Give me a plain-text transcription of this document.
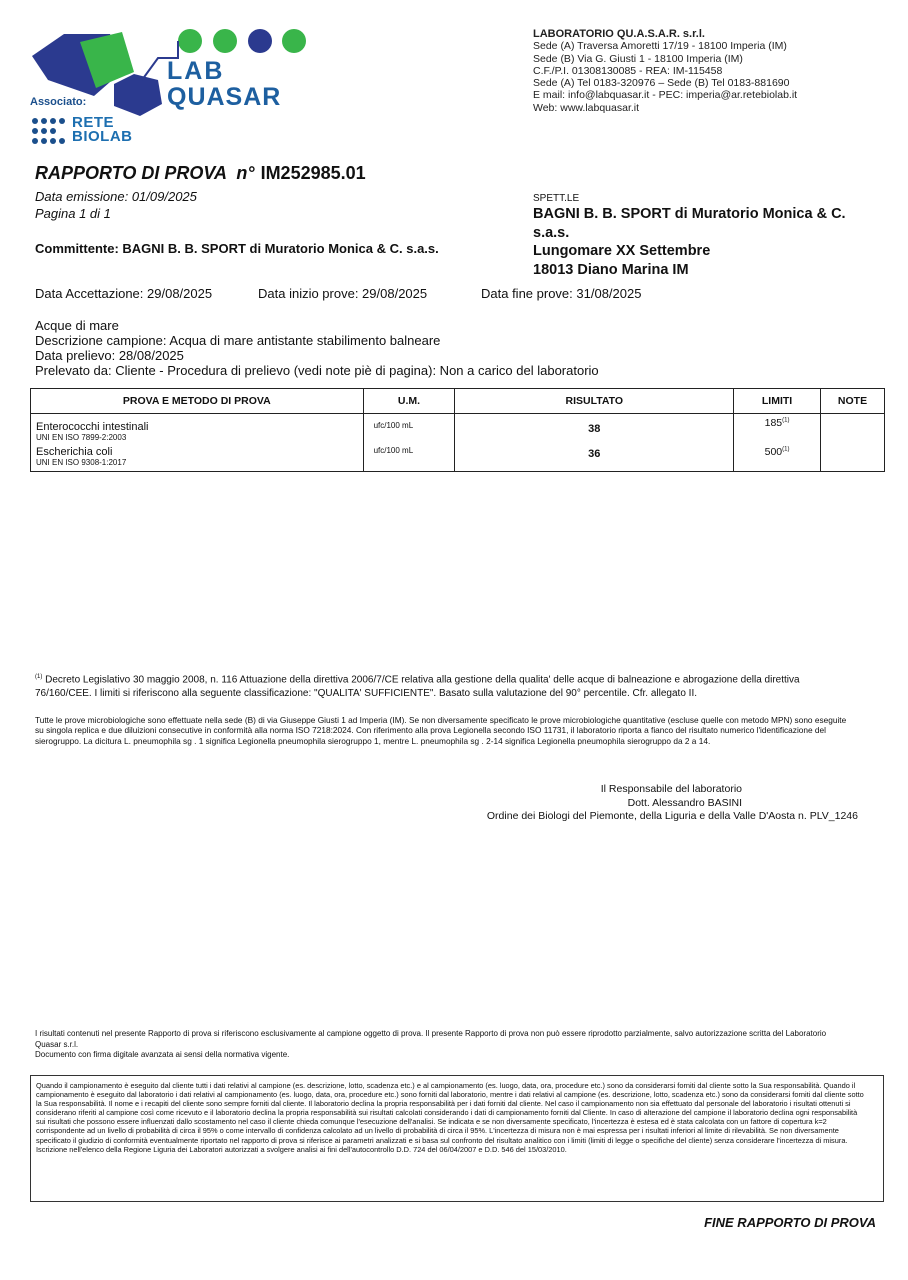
LAB
QUASAR
Associato:
RETE
BIOLAB
LABORATORIO QU.A.S.A.R. s.r.l.
Sede (A) Traversa Amoretti 17/19 - 18100 Imperia (IM)
Sede (B) Via G. Giusti 1 - 18100 Imperia (IM)
C.F./P.I. 01308130085 - REA: IM-115458
Sede (A) Tel 0183-320976 – Sede (B) Tel 0183-881690
E mail: info@labquasar.it - PEC: imperia@ar.retebiolab.it
Web: www.labquasar.it
RAPPORTO DI PROVA  n° IM252985.01
Data emissione: 01/09/2025
Pagina 1 di 1
Committente: BAGNI B. B. SPORT di Muratorio Monica & C. s.a.s.
SPETT.LE
BAGNI B. B. SPORT di Muratorio Monica & C.
s.a.s.
Lungomare XX Settembre
18013 Diano Marina IM
Data Accettazione: 29/08/2025	Data inizio prove: 29/08/2025	Data fine prove: 31/08/2025
Acque di mare
Descrizione campione: Acqua di mare antistante stabilimento balneare
Data prelievo: 28/08/2025
Prelevato da: Cliente - Procedura di prelievo (vedi note piè di pagina): Non a carico del laboratorio
PROVA E METODO DI PROVA	U.M.	RISULTATO	LIMITI	NOTE

Enterococchi intestinali
UNI EN ISO 7899-2:2003	ufc/100 mL	38	185$^{(1)}$	

Escherichia coli
UNI EN ISO 9308-1:2017	ufc/100 mL	36	500$^{(1)}$	
$^{(1)}$ Decreto Legislativo 30 maggio 2008, n. 116 Attuazione della direttiva 2006/7/CE relativa alla gestione della qualita' delle acque di balneazione e abrogazione della direttiva 76/160/CEE. I limiti si riferiscono alla seguente classificazione: "QUALITA' SUFFICIENTE". Basato sulla valutazione del 90° percentile. Cfr. allegato II.
Tutte le prove microbiologiche sono effettuate nella sede (B) di via Giuseppe Giusti 1 ad Imperia (IM). Se non diversamente specificato le prove microbiologiche quantitative (escluse quelle con metodo MPN) sono eseguite su singola replica e due diluizioni consecutive in conformità alla norma ISO 7218:2024. Con riferimento alla prova Legionella secondo ISO 11731, il laboratorio riporta a fianco del risultato numerico l'identificazione del sierogruppo. La dicitura L. pneumophila sg . 1 significa Legionella pneumophila sierogruppo 1, mentre L. pneumophila sg . 2-14 significa Legionella pneumophila sierogruppo da 2 a 14.
Il Responsabile del laboratorio
Dott. Alessandro BASINI
Ordine dei Biologi del Piemonte, della Liguria e della Valle D'Aosta n. PLV_1246
I risultati contenuti nel presente Rapporto di prova si riferiscono esclusivamente al campione oggetto di prova. Il presente Rapporto di prova non può essere riprodotto parzialmente, salvo autorizzazione scritta del Laboratorio Quasar s.r.l.
Documento con firma digitale avanzata ai sensi della normativa vigente.
Quando il campionamento è eseguito dal cliente tutti i dati relativi al campione (es. descrizione, lotto, scadenza etc.) e al campionamento (es. luogo, data, ora, procedure etc.) sono da considerarsi forniti dal cliente sotto la Sua responsabilità. Quando il campionamento è eseguito dal laboratorio i dati relativi al campionamento (es. luogo, data, ora, procedure etc.) sono forniti dal laboratorio, mentre i dati relativi al campione (es. descrizione, lotto, scadenza etc.) sono da considerarsi forniti dal cliente sotto la Sua responsabilità. Il nome e i recapiti del cliente sono sempre forniti dal cliente. Il laboratorio declina la propria responsabilità per i dati forniti dal cliente. Nel caso il campionamento non sia effettuato dal personale del laboratorio i risultati ottenuti si considerano riferiti al campione così come ricevuto e il laboratorio declina la propria responsabilità sui risultati calcolati considerando i dati di campionamento forniti dal Cliente. In caso di alterazione del campione il laboratorio declina ogni responsabilità sui risultati che possono essere influenzati dallo scostamento nel caso il cliente chieda comunque l'esecuzione dell'analisi. Se indicata e se non diversamente specificato, l'incertezza è estesa ed è stata calcolata con un fattore di copertura k=2 corrispondente ad un livello di probabilità di circa il 95% o come intervallo di confidenza calcolato ad un livello di probabilità di circa il 95%. L'incertezza di misura non è mai espressa per i risultati inferiori al limite di rilevabilità. Se non diversamente specificato il giudizio di conformità eventualmente riportato nel rapporto di prova si riferisce ai parametri analizzati e si basa sul confronto del risultato analitico con i limiti (limiti di legge o specifiche del cliente) senza considerare l'incertezza di misura. Iscrizione nell'elenco della Regione Liguria dei Laboratori autorizzati a svolgere analisi ai fini dell'autocontrollo D.D. 724 del 06/04/2007 e D.D. 546 del 15/03/2010.
FINE RAPPORTO DI PROVA
